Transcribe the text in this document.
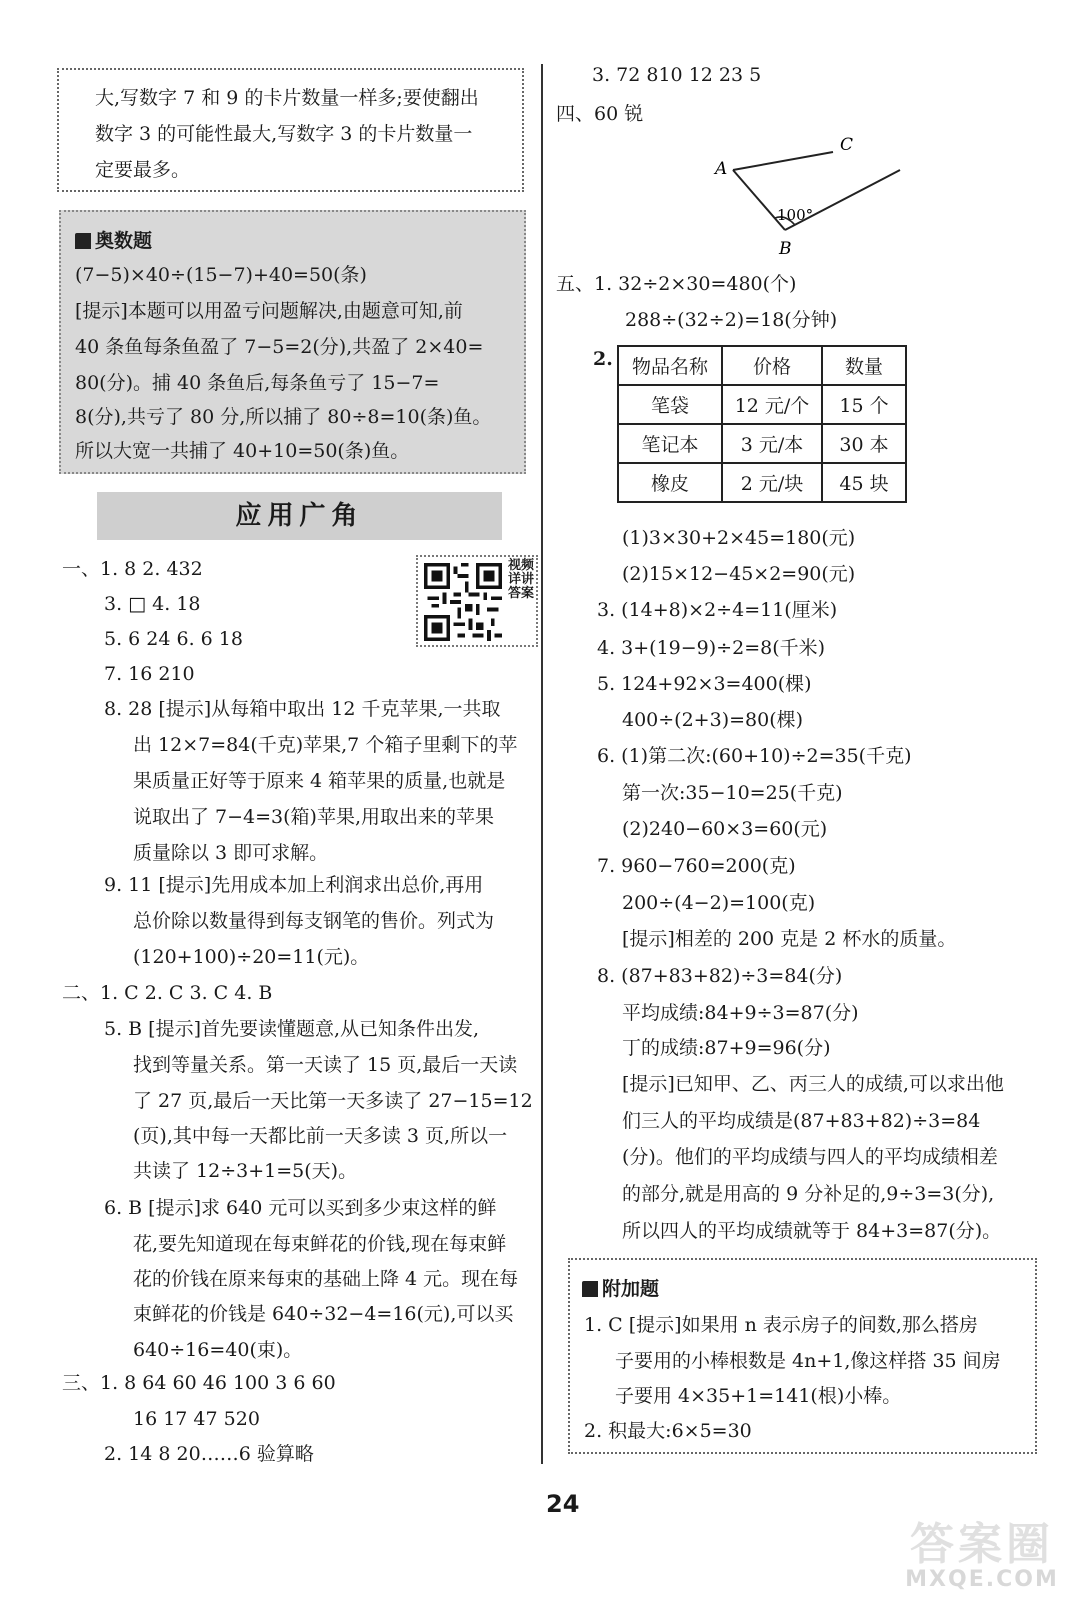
大,写数字 7 和 9 的卡片数量一样多;要使翻出
数字 3 的可能性最大,写数字 3 的卡片数量一
定要最多。
奥数题
(7−5)×40÷(15−7)+40=50(条)
[提示]本题可以用盈亏问题解决,由题意可知,前
40 条鱼每条鱼盈了 7−5=2(分),共盈了 2×40=
80(分)。捕 40 条鱼后,每条鱼亏了 15−7=
8(分),共亏了 80 分,所以捕了 80÷8=10(条)鱼。
所以大宽一共捕了 40+10=50(条)鱼。
应用广角
视频详讲答案
一、1. 8 2. 432
3. □ 4. 18
5. 6 24 6. 6 18
7. 16 210
8. 28 [提示]从每箱中取出 12 千克苹果,一共取
出 12×7=84(千克)苹果,7 个箱子里剩下的苹
果质量正好等于原来 4 箱苹果的质量,也就是
说取出了 7−4=3(箱)苹果,用取出来的苹果
质量除以 3 即可求解。
9. 11 [提示]先用成本加上利润求出总价,再用
总价除以数量得到每支钢笔的售价。列式为
(120+100)÷20=11(元)。
二、1. C 2. C 3. C 4. B
5. B [提示]首先要读懂题意,从已知条件出发,
找到等量关系。第一天读了 15 页,最后一天读
了 27 页,最后一天比第一天多读了 27−15=12
(页),其中每一天都比前一天多读 3 页,所以一
共读了 12÷3+1=5(天)。
6. B [提示]求 640 元可以买到多少束这样的鲜
花,要先知道现在每束鲜花的价钱,现在每束鲜
花的价钱在原来每束的基础上降 4 元。现在每
束鲜花的价钱是 640÷32−4=16(元),可以买
640÷16=40(束)。
三、1. 8 64 60 46 100 3 6 60
16 17 47 520
2. 14 8 20……6 验算略
3. 72 810 12 23 5
四、60 锐
A
C
B
100°
五、1. 32÷2×30=480(个)
288÷(32÷2)=18(分钟)
2. 物品名称	价格	数量
笔袋	12 元/个	15 个
笔记本	3 元/本	30 本
橡皮	2 元/块	45 块
(1)3×30+2×45=180(元)
(2)15×12−45×2=90(元)
3. (14+8)×2÷4=11(厘米)
4. 3+(19−9)÷2=8(千米)
5. 124+92×3=400(棵)
400÷(2+3)=80(棵)
6. (1)第二次:(60+10)÷2=35(千克)
第一次:35−10=25(千克)
(2)240−60×3=60(元)
7. 960−760=200(克)
200÷(4−2)=100(克)
[提示]相差的 200 克是 2 杯水的质量。
8. (87+83+82)÷3=84(分)
平均成绩:84+9÷3=87(分)
丁的成绩:87+9=96(分)
[提示]已知甲、乙、丙三人的成绩,可以求出他
们三人的平均成绩是(87+83+82)÷3=84
(分)。他们的平均成绩与四人的平均成绩相差
的部分,就是用高的 9 分补足的,9÷3=3(分),
所以四人的平均成绩就等于 84+3=87(分)。
附加题
1. C [提示]如果用 n 表示房子的间数,那么搭房
子要用的小棒根数是 4n+1,像这样搭 35 间房
子要用 4×35+1=141(根)小棒。
2. 积最大:6×5=30
24
答案圈
MXQE.COM
